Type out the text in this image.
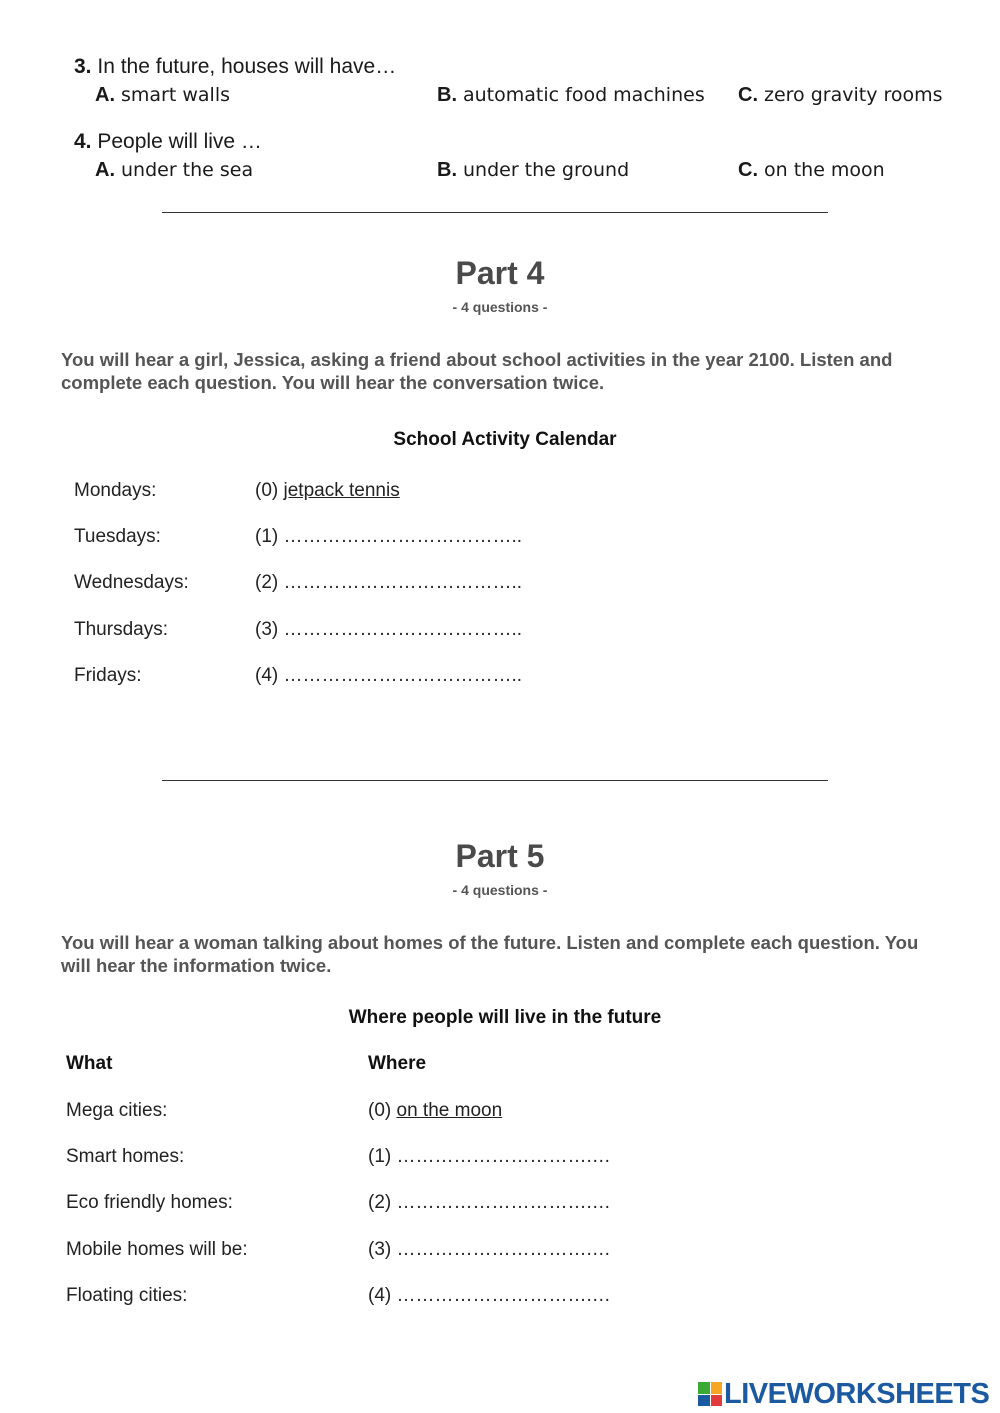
3. In the future, houses will have…
A. smart walls	B. automatic food machines C. zero gravity rooms
4. People will live …
A. under the sea	B. under the ground	C. on the moon
Part 4
- 4 questions -
You will hear a girl, Jessica, asking a friend about school activities in the year 2100. Listen and complete each question. You will hear the conversation twice.
School Activity Calendar
Mondays:	(0) jetpack tennis
Tuesdays:	(1) ………………………………..
Wednesdays:	(2) ………………………………..
Thursdays:	(3) ………………………………..
Fridays:	(4) ………………………………..
Part 5
- 4 questions -
You will hear a woman talking about homes of the future. Listen and complete each question. You will hear the information twice.
Where people will live in the future
What	Where
Mega cities:	(0) on the moon
Smart homes:	(1) ………………………….…
Eco friendly homes:	(2) ………………………….…
Mobile homes will be:	(3) ………………………….…
Floating cities:	(4) ………………………….…
LIVEWORKSHEETS
